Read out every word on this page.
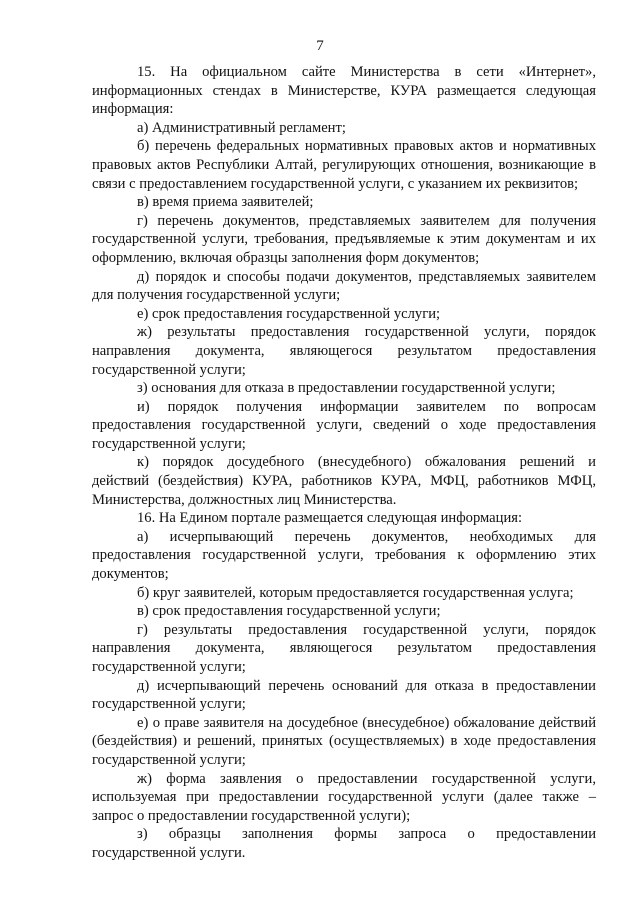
7

15. На официальном сайте Министерства в сети «Интернет», информационных стендах в Министерстве, КУРА размещается следующая информация:

а) Административный регламент;

б) перечень федеральных нормативных правовых актов и нормативных правовых актов Республики Алтай, регулирующих отношения, возникающие в связи с предоставлением государственной услуги, с указанием их реквизитов;

в) время приема заявителей;

г) перечень документов, представляемых заявителем для получения государственной услуги, требования, предъявляемые к этим документам и их оформлению, включая образцы заполнения форм документов;

д) порядок и способы подачи документов, представляемых заявителем для получения государственной услуги;

е) срок предоставления государственной услуги;

ж) результаты предоставления государственной услуги, порядок направления документа, являющегося результатом предоставления государственной услуги;

з) основания для отказа в предоставлении государственной услуги;

и) порядок получения информации заявителем по вопросам предоставления государственной услуги, сведений о ходе предоставления государственной услуги;

к) порядок досудебного (внесудебного) обжалования решений и действий (бездействия) КУРА, работников КУРА, МФЦ, работников МФЦ, Министерства, должностных лиц Министерства.

16. На Едином портале размещается следующая информация:

а) исчерпывающий перечень документов, необходимых для предоставления государственной услуги, требования к оформлению этих документов;

б) круг заявителей, которым предоставляется государственная услуга;

в) срок предоставления государственной услуги;

г) результаты предоставления государственной услуги, порядок направления документа, являющегося результатом предоставления государственной услуги;

д) исчерпывающий перечень оснований для отказа в предоставлении государственной услуги;

е) о праве заявителя на досудебное (внесудебное) обжалование действий (бездействия) и решений, принятых (осуществляемых) в ходе предоставления государственной услуги;

ж) форма заявления о предоставлении государственной услуги, используемая при предоставлении государственной услуги (далее также – запрос о предоставлении государственной услуги);

з) образцы заполнения формы запроса о предоставлении государственной услуги.
